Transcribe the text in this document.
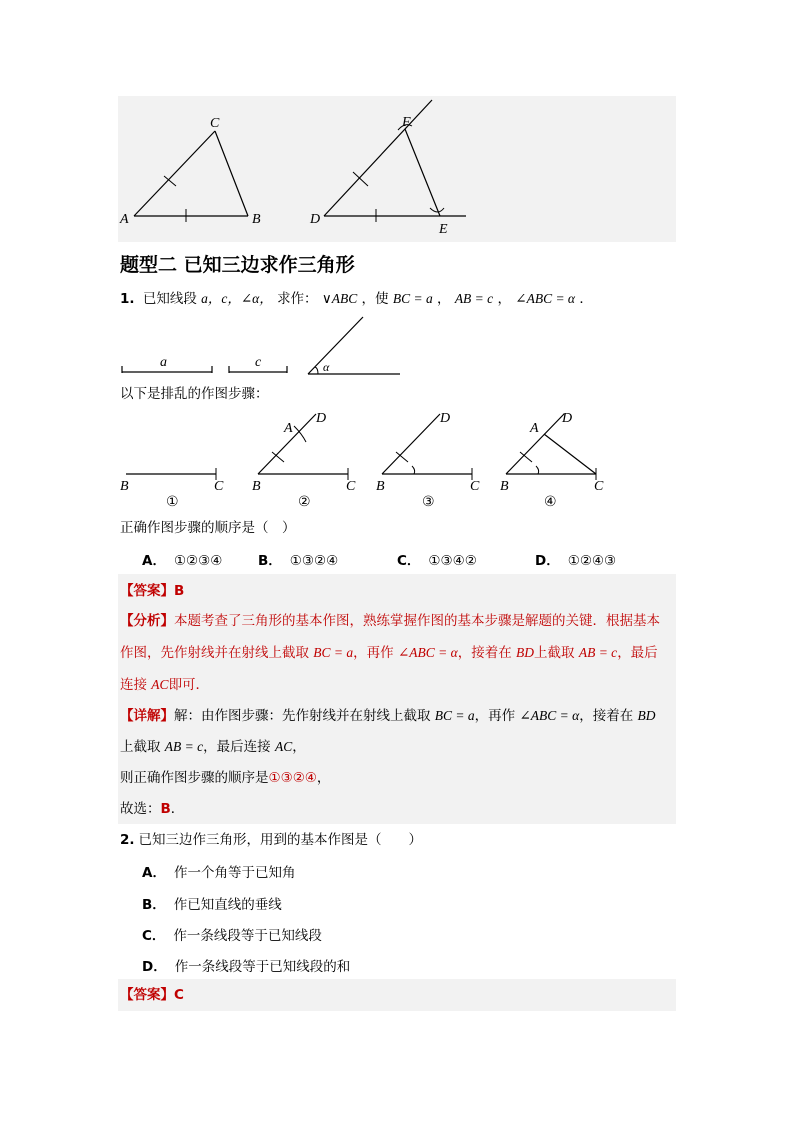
A	B
C
D
E
F
题型二 已知三边求作三角形
1. 已知线段 a，c，∠α， 求作： ∨ABC ，使 BC = a ， AB = c ， ∠ABC = α ．
a	c	α
以下是排乱的作图步骤：
B	C
①
B	C
D
A
②
B	C
D
③
B	C
D
A
④
正确作图步骤的顺序是（　）
A． ①②③④	B． ①③②④	C． ①③④②	D． ①②④③
【答案】B
【分析】本题考查了三角形的基本作图，熟练掌握作图的基本步骤是解题的关键．根据基本
作图，先作射线并在射线上截取 BC = a，再作 ∠ABC = α，接着在 BD上截取 AB = c，最后
连接 AC即可．
【详解】解：由作图步骤：先作射线并在射线上截取 BC = a，再作 ∠ABC = α，接着在 BD
上截取 AB = c，最后连接 AC，
则正确作图步骤的顺序是①③②④，
故选：B．
2. 已知三边作三角形，用到的基本作图是（　　）
A． 作一个角等于已知角
B． 作已知直线的垂线
C． 作一条线段等于已知线段
D． 作一条线段等于已知线段的和
【答案】C
